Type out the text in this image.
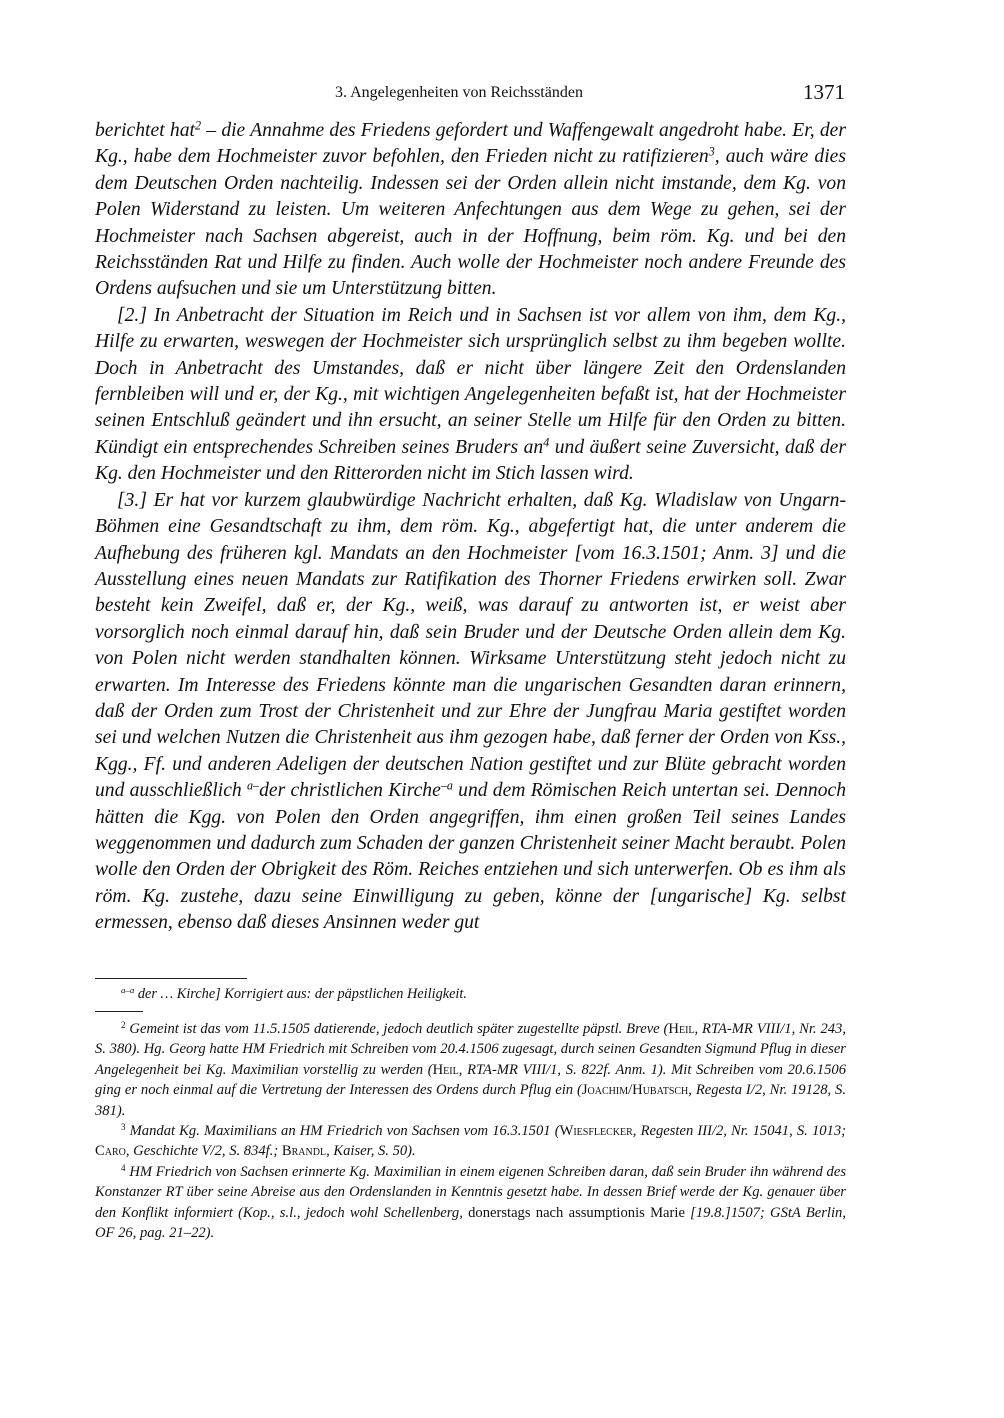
3. Angelegenheiten von Reichsständen	1371

berichtet hat$^2$ – die Annahme des Friedens gefordert und Waffengewalt angedroht habe. Er, der Kg., habe dem Hochmeister zuvor befohlen, den Frieden nicht zu ratifizieren$^3$, auch wäre dies dem Deutschen Orden nachteilig. Indessen sei der Orden allein nicht imstande, dem Kg. von Polen Widerstand zu leisten. Um weiteren Anfechtungen aus dem Wege zu gehen, sei der Hochmeister nach Sachsen abgereist, auch in der Hoffnung, beim röm. Kg. und bei den Reichsständen Rat und Hilfe zu finden. Auch wolle der Hochmeister noch andere Freunde des Ordens aufsuchen und sie um Unterstützung bitten.

[2.] In Anbetracht der Situation im Reich und in Sachsen ist vor allem von ihm, dem Kg., Hilfe zu erwarten, weswegen der Hochmeister sich ursprünglich selbst zu ihm begeben wollte. Doch in Anbetracht des Umstandes, daß er nicht über längere Zeit den Ordenslanden fernbleiben will und er, der Kg., mit wichtigen Angelegenheiten befaßt ist, hat der Hochmeister seinen Entschluß geändert und ihn ersucht, an seiner Stelle um Hilfe für den Orden zu bitten. Kündigt ein entsprechendes Schreiben seines Bruders $an^4$ und äußert seine Zuversicht, daß der Kg. den Hochmeister und den Ritterorden nicht im Stich lassen wird.

[3.] Er hat vor kurzem glaubwürdige Nachricht erhalten, daß Kg. Wladislaw von Ungarn-Böhmen eine Gesandtschaft zu ihm, dem röm. Kg., abgefertigt hat, die unter anderem die Aufhebung des früheren kgl. Mandats an den Hochmeister [vom 16.3.1501; Anm. 3] und die Ausstellung eines neuen Mandats zur Ratifikation des Thorner Friedens erwirken soll. Zwar besteht kein Zweifel, daß er, der Kg., weiß, was darauf zu antworten ist, er weist aber vorsorglich noch einmal darauf hin, daß sein Bruder und der Deutsche Orden allein dem Kg. von Polen nicht werden standhalten können. Wirksame Unterstützung steht jedoch nicht zu erwarten. Im Interesse des Friedens könnte man die ungarischen Gesandten daran erinnern, daß der Orden zum Trost der Christenheit und zur Ehre der Jungfrau Maria gestiftet worden sei und welchen Nutzen die Christenheit aus ihm gezogen habe, daß ferner der Orden von Kss., Kgg., Ff. und anderen Adeligen der deutschen Nation gestiftet und zur Blüte gebracht worden und ausschließlich $^{a-}$der christlichen Kirche$^{-a}$ und dem Römischen Reich untertan sei. Dennoch hätten die Kgg. von Polen den Orden angegriffen, ihm einen großen Teil seines Landes weggenommen und dadurch zum Schaden der ganzen Christenheit seiner Macht beraubt. Polen wolle den Orden der Obrigkeit des Röm. Reiches entziehen und sich unterwerfen. Ob es ihm als röm. Kg. zustehe, dazu seine Einwilligung zu geben, könne der [ungarische] Kg. selbst ermessen, ebenso daß dieses Ansinnen weder gut

$^{a-a}$ der … Kirche] Korrigiert aus: der päpstlichen Heiligkeit.

$^2$ Gemeint ist das vom 11.5.1505 datierende, jedoch deutlich später zugestellte päpstl. Breve (Heil, RTA-MR VIII/1, Nr. 243, S. 380). Hg. Georg hatte HM Friedrich mit Schreiben vom 20.4.1506 zugesagt, durch seinen Gesandten Sigmund Pflug in dieser Angelegenheit bei Kg. Maximilian vorstellig zu werden (Heil, RTA-MR VIII/1, S. 822f. Anm. 1). Mit Schreiben vom 20.6.1506 ging er noch einmal auf die Vertretung der Interessen des Ordens durch Pflug ein (Joachim/Hubatsch, Regesta I/2, Nr. 19128, S. 381).

$^3$ Mandat Kg. Maximilians an HM Friedrich von Sachsen vom 16.3.1501 (Wiesflecker, Regesten III/2, Nr. 15041, S. 1013; Caro, Geschichte V/2, S. 834f.; Brandl, Kaiser, S. 50).

$^4$ HM Friedrich von Sachsen erinnerte Kg. Maximilian in einem eigenen Schreiben daran, daß sein Bruder ihn während des Konstanzer RT über seine Abreise aus den Ordenslanden in Kenntnis gesetzt habe. In dessen Brief werde der Kg. genauer über den Konflikt informiert (Kop., s.l., jedoch wohl Schellenberg, donerstags nach assumptionis Marie [19.8.]1507; GStA Berlin, OF 26, pag. 21–22).
